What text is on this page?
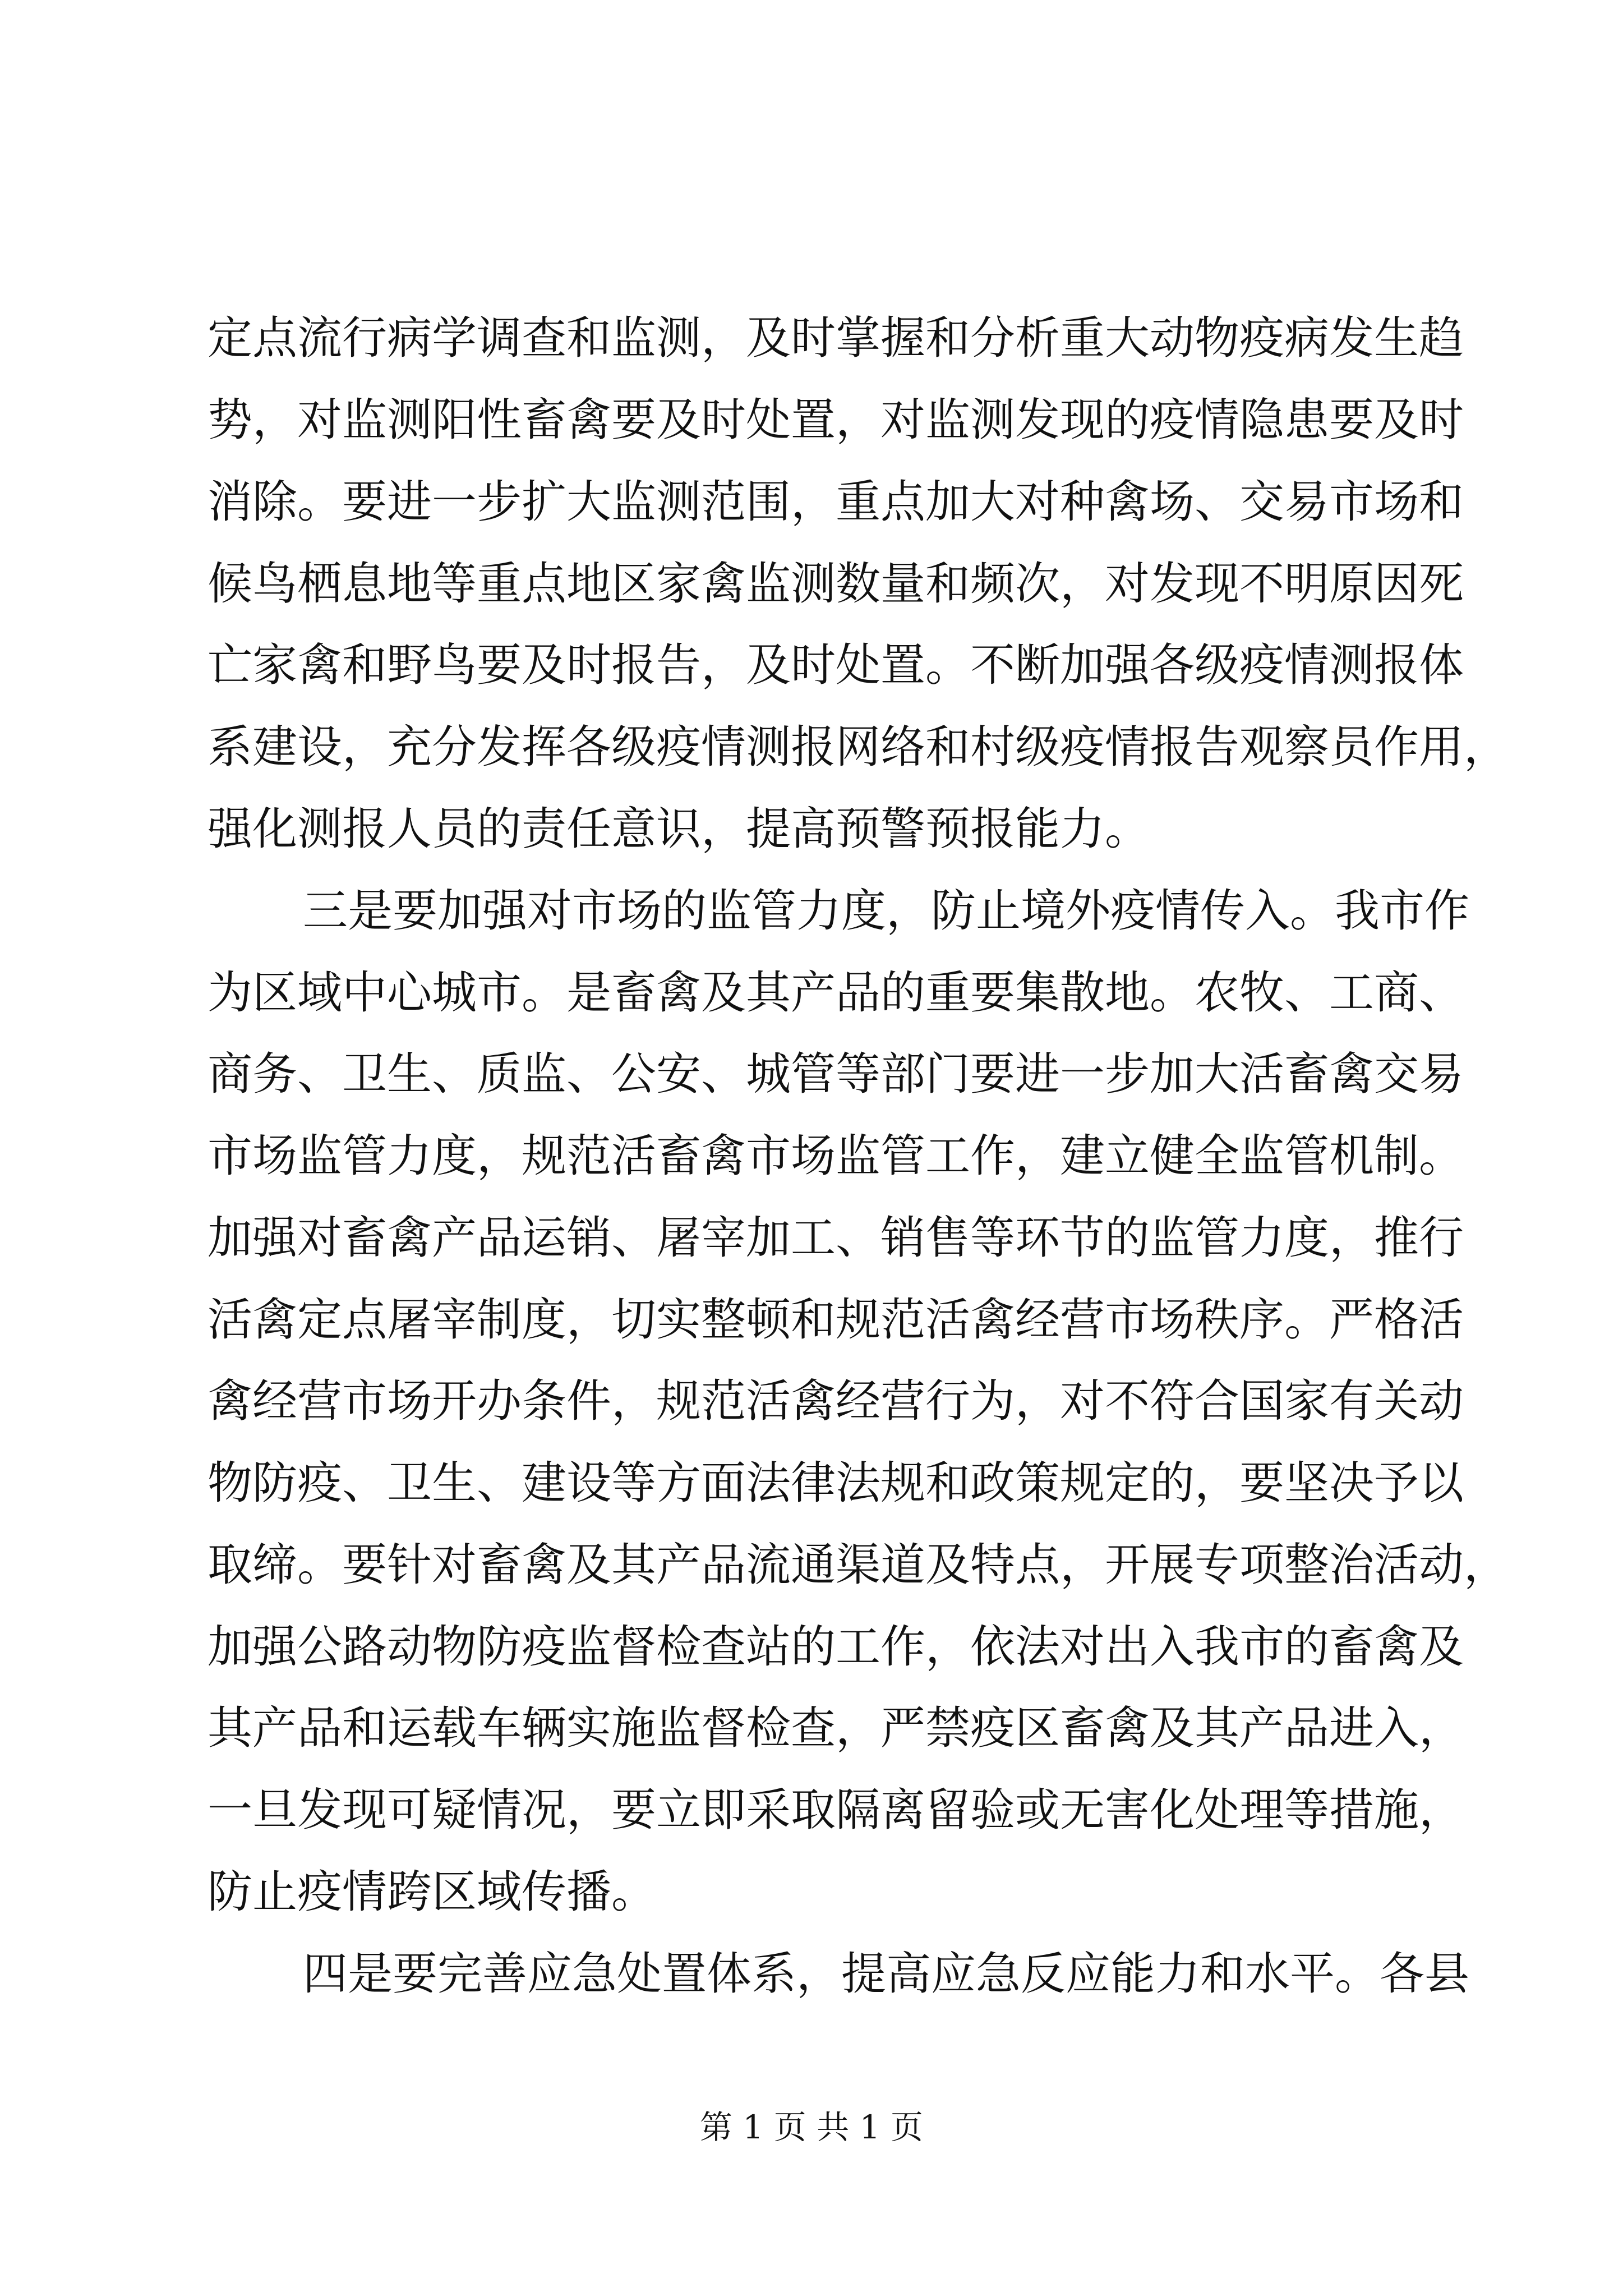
定点流行病学调查和监测，及时掌握和分析重大动物疫病发生趋
势，对监测阳性畜禽要及时处置，对监测发现的疫情隐患要及时
消除。要进一步扩大监测范围，重点加大对种禽场、交易市场和
候鸟栖息地等重点地区家禽监测数量和频次，对发现不明原因死
亡家禽和野鸟要及时报告，及时处置。不断加强各级疫情测报体
系建设，充分发挥各级疫情测报网络和村级疫情报告观察员作用，
强化测报人员的责任意识，提高预警预报能力。
三是要加强对市场的监管力度，防止境外疫情传入。我市作
为区域中心城市。是畜禽及其产品的重要集散地。农牧、工商、
商务、卫生、质监、公安、城管等部门要进一步加大活畜禽交易
市场监管力度，规范活畜禽市场监管工作，建立健全监管机制。
加强对畜禽产品运销、屠宰加工、销售等环节的监管力度，推行
活禽定点屠宰制度，切实整顿和规范活禽经营市场秩序。严格活
禽经营市场开办条件，规范活禽经营行为，对不符合国家有关动
物防疫、卫生、建设等方面法律法规和政策规定的，要坚决予以
取缔。要针对畜禽及其产品流通渠道及特点，开展专项整治活动，
加强公路动物防疫监督检查站的工作，依法对出入我市的畜禽及
其产品和运载车辆实施监督检查，严禁疫区畜禽及其产品进入，
一旦发现可疑情况，要立即采取隔离留验或无害化处理等措施，
防止疫情跨区域传播。
四是要完善应急处置体系，提高应急反应能力和水平。各县
第 1 页 共 1 页
